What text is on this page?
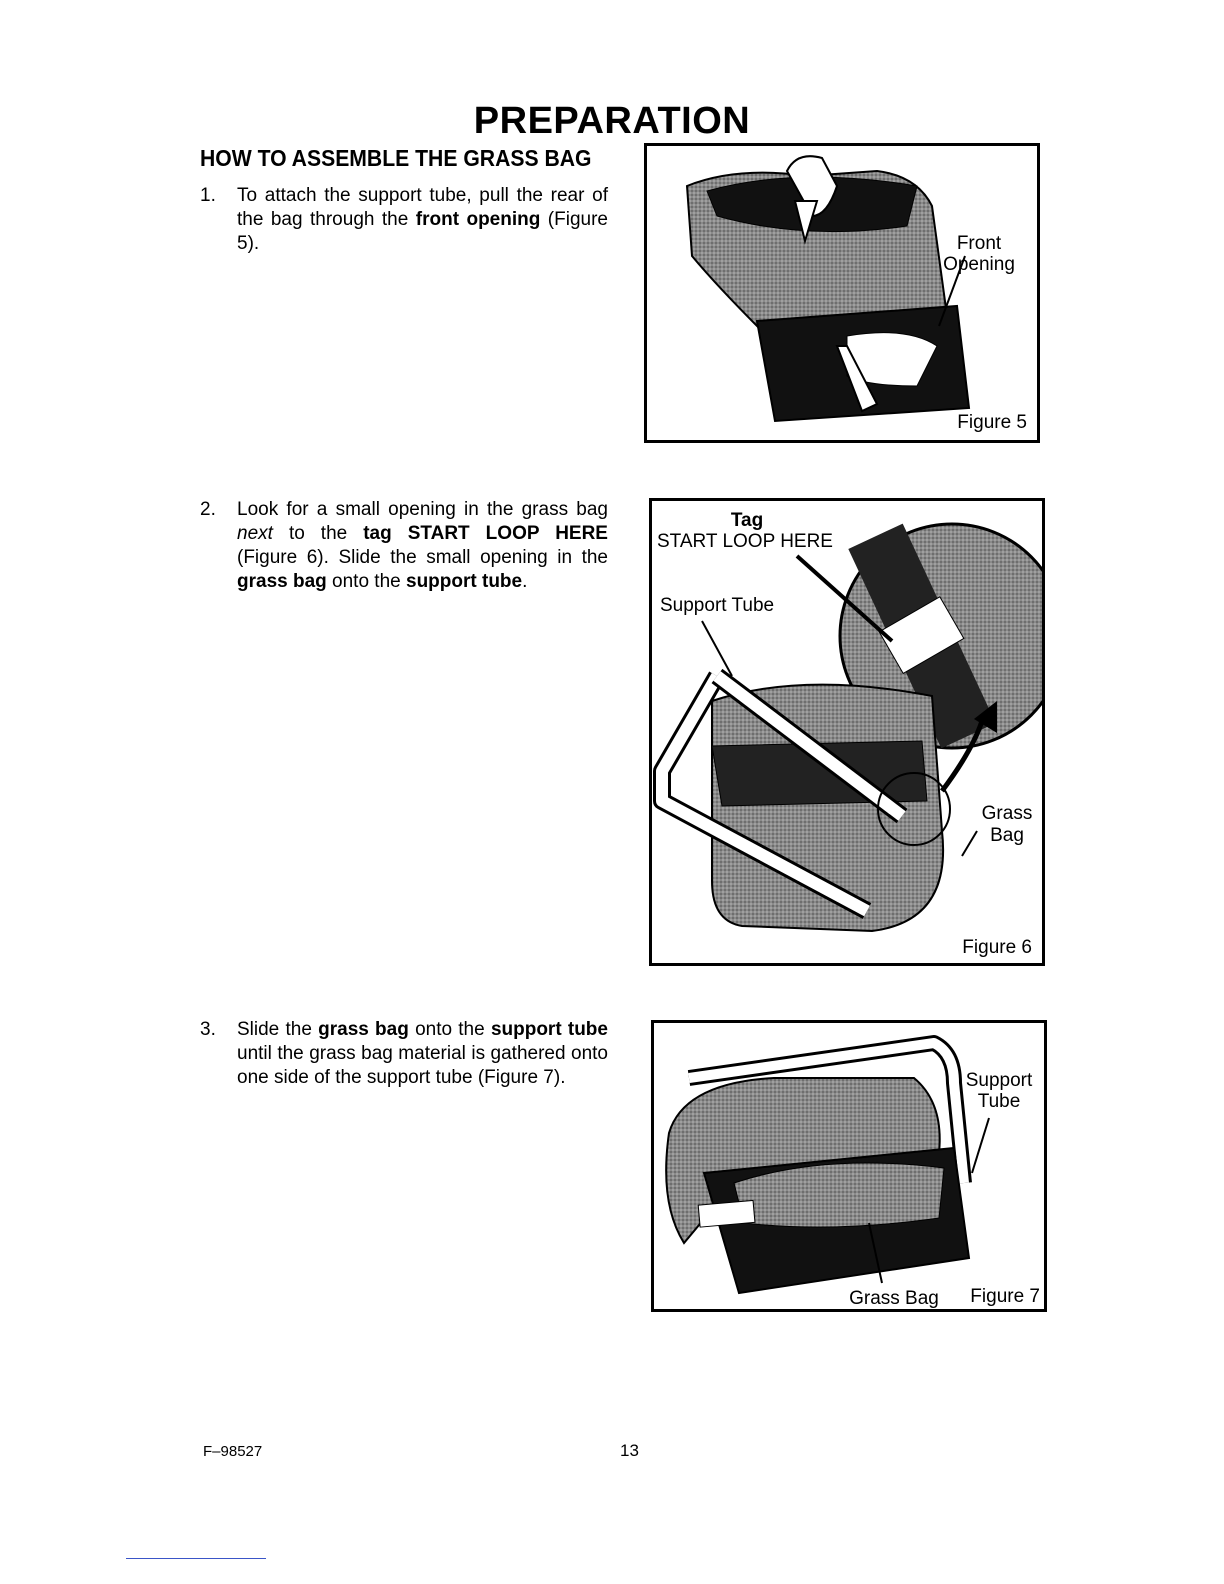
PREPARATION
HOW TO ASSEMBLE THE GRASS BAG
1. To attach the support tube, pull the rear of the bag through the front opening (Figure 5).
2. Look for a small opening in the grass bag next to the tag START LOOP HERE (Figure 6). Slide the small opening in the grass bag onto the support tube.
3. Slide the grass bag onto the support tube until the grass bag material is gathered onto one side of the support tube (Figure 7).
Front
Opening
Figure 5
Tag
START LOOP HERE
Support Tube
Grass
Bag
Figure 6
Support
Tube
Grass Bag Figure 7
F–98527	13
